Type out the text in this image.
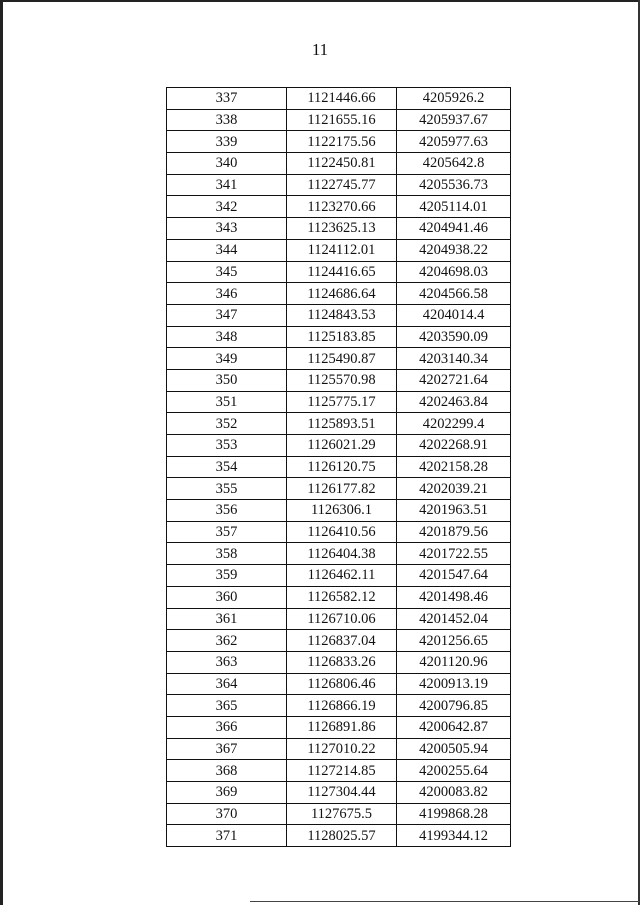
11
337	1121446.66	4205926.2
338	1121655.16	4205937.67
339	1122175.56	4205977.63
340	1122450.81	4205642.8
341	1122745.77	4205536.73
342	1123270.66	4205114.01
343	1123625.13	4204941.46
344	1124112.01	4204938.22
345	1124416.65	4204698.03
346	1124686.64	4204566.58
347	1124843.53	4204014.4
348	1125183.85	4203590.09
349	1125490.87	4203140.34
350	1125570.98	4202721.64
351	1125775.17	4202463.84
352	1125893.51	4202299.4
353	1126021.29	4202268.91
354	1126120.75	4202158.28
355	1126177.82	4202039.21
356	1126306.1	4201963.51
357	1126410.56	4201879.56
358	1126404.38	4201722.55
359	1126462.11	4201547.64
360	1126582.12	4201498.46
361	1126710.06	4201452.04
362	1126837.04	4201256.65
363	1126833.26	4201120.96
364	1126806.46	4200913.19
365	1126866.19	4200796.85
366	1126891.86	4200642.87
367	1127010.22	4200505.94
368	1127214.85	4200255.64
369	1127304.44	4200083.82
370	1127675.5	4199868.28
371	1128025.57	4199344.12
